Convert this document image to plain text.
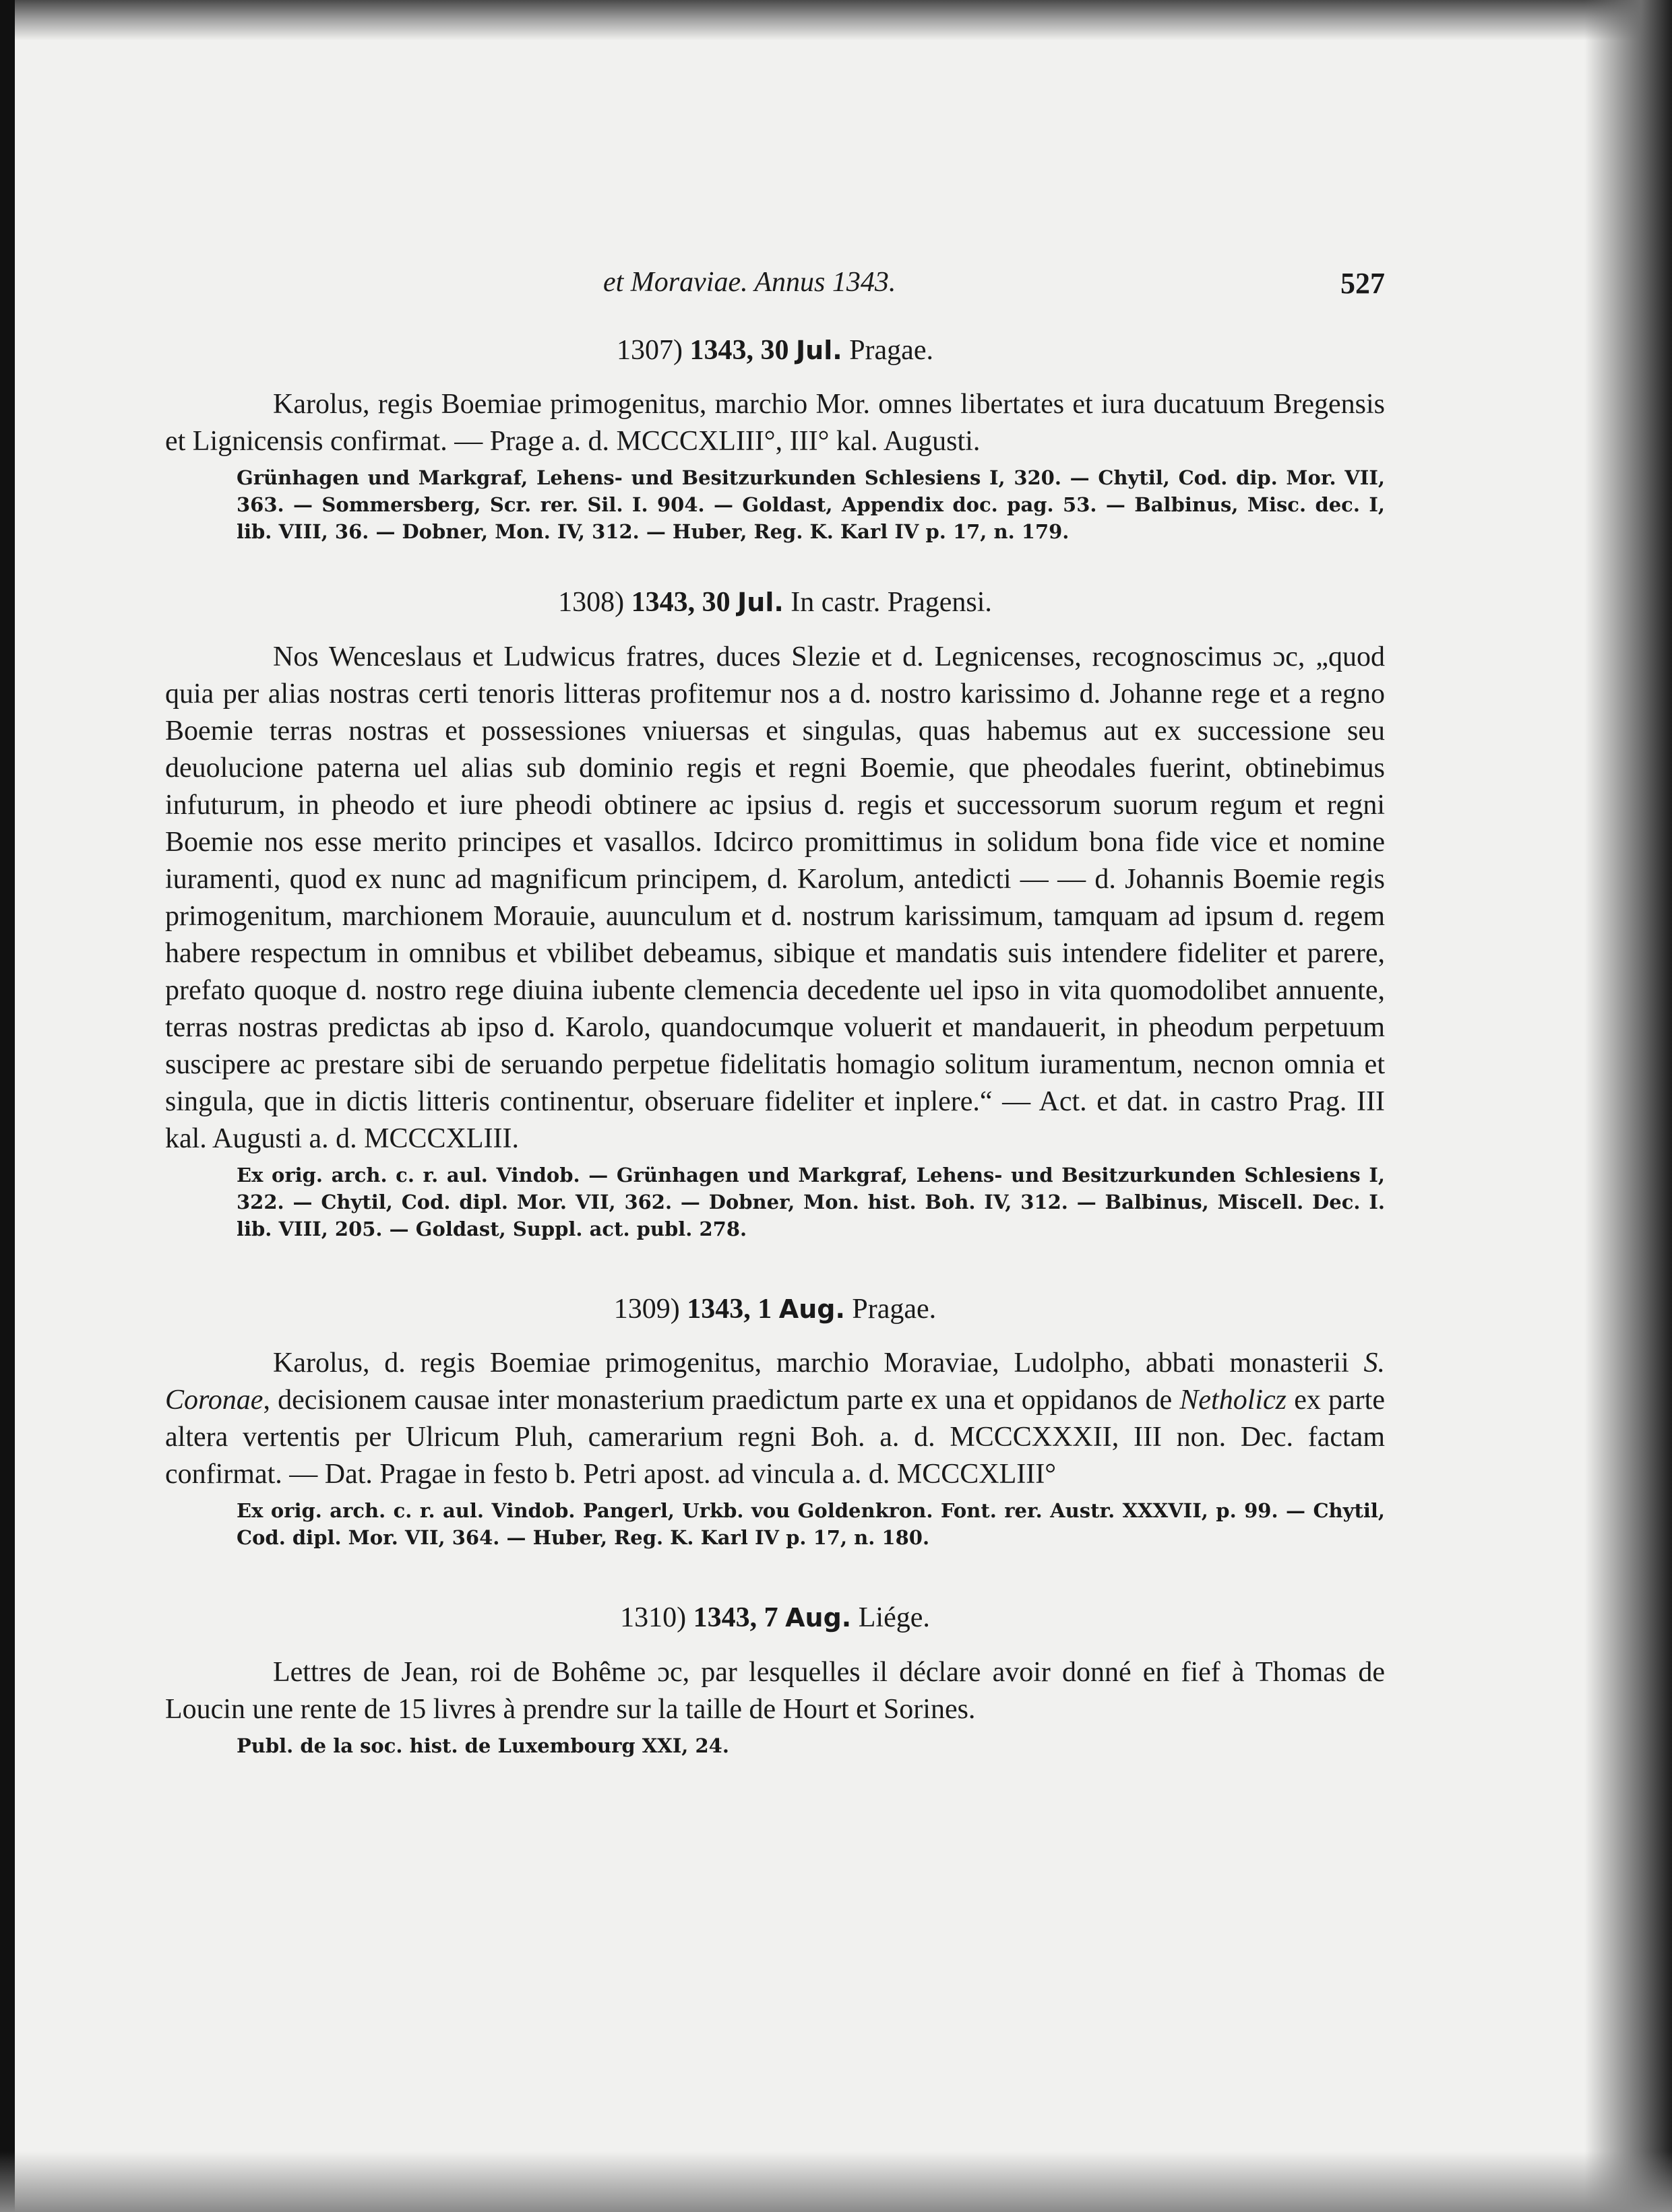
et Moraviae. Annus 1343.	527
1307) 1343, 30 Jul. Pragae.

Karolus, regis Boemiae primogenitus, marchio Mor. omnes libertates et iura ducatuum Bregensis et Lignicensis confirmat. — Prage a. d. MCCCXLIII°, III° kal. Augusti.

Grünhagen und Markgraf, Lehens- und Besitzurkunden Schlesiens I, 320. — Chytil, Cod. dip. Mor. VII, 363. — Sommersberg, Scr. rer. Sil. I. 904. — Goldast, Appendix doc. pag. 53. — Balbinus, Misc. dec. I, lib. VIII, 36. — Dobner, Mon. IV, 312. — Huber, Reg. K. Karl IV p. 17, n. 179.

1308) 1343, 30 Jul. In castr. Pragensi.

Nos Wenceslaus et Ludwicus fratres, duces Slezie et d. Legnicenses, recognoscimus ɔc, „quod quia per alias nostras certi tenoris litteras profitemur nos a d. nostro karissimo d. Johanne rege et a regno Boemie terras nostras et possessiones vniuersas et singulas, quas habemus aut ex successione seu deuolucione paterna uel alias sub dominio regis et regni Boemie, que pheodales fuerint, obtinebimus infuturum, in pheodo et iure pheodi obtinere ac ipsius d. regis et successorum suorum regum et regni Boemie nos esse merito principes et vasallos. Idcirco promittimus in solidum bona fide vice et nomine iuramenti, quod ex nunc ad magnificum principem, d. Karolum, antedicti — — d. Johannis Boemie regis primogenitum, marchionem Morauie, auunculum et d. nostrum karissimum, tamquam ad ipsum d. regem habere respectum in omnibus et vbilibet debeamus, sibique et mandatis suis intendere fideliter et parere, prefato quoque d. nostro rege diuina iubente clemencia decedente uel ipso in vita quomodolibet annuente, terras nostras predictas ab ipso d. Karolo, quandocumque voluerit et mandauerit, in pheodum perpetuum suscipere ac prestare sibi de seruando perpetue fidelitatis homagio solitum iuramentum, necnon omnia et singula, que in dictis litteris continentur, obseruare fideliter et inplere.“ — Act. et dat. in castro Prag. III kal. Augusti a. d. MCCCXLIII.

Ex orig. arch. c. r. aul. Vindob. — Grünhagen und Markgraf, Lehens- und Besitzurkunden Schlesiens I, 322. — Chytil, Cod. dipl. Mor. VII, 362. — Dobner, Mon. hist. Boh. IV, 312. — Balbinus, Miscell. Dec. I. lib. VIII, 205. — Goldast, Suppl. act. publ. 278.

1309) 1343, 1 Aug. Pragae.

Karolus, d. regis Boemiae primogenitus, marchio Moraviae, Ludolpho, abbati monasterii S. Coronae, decisionem causae inter monasterium praedictum parte ex una et oppidanos de Netholicz ex parte altera vertentis per Ulricum Pluh, camerarium regni Boh. a. d. MCCCXXXII, III non. Dec. factam confirmat. — Dat. Pragae in festo b. Petri apost. ad vincula a. d. MCCCXLIII°

Ex orig. arch. c. r. aul. Vindob. Pangerl, Urkb. vou Goldenkron. Font. rer. Austr. XXXVII, p. 99. — Chytil, Cod. dipl. Mor. VII, 364. — Huber, Reg. K. Karl IV p. 17, n. 180.

1310) 1343, 7 Aug. Liége.

Lettres de Jean, roi de Bohême ɔc, par lesquelles il déclare avoir donné en fief à Thomas de Loucin une rente de 15 livres à prendre sur la taille de Hourt et Sorines.

Publ. de la soc. hist. de Luxembourg XXI, 24.
